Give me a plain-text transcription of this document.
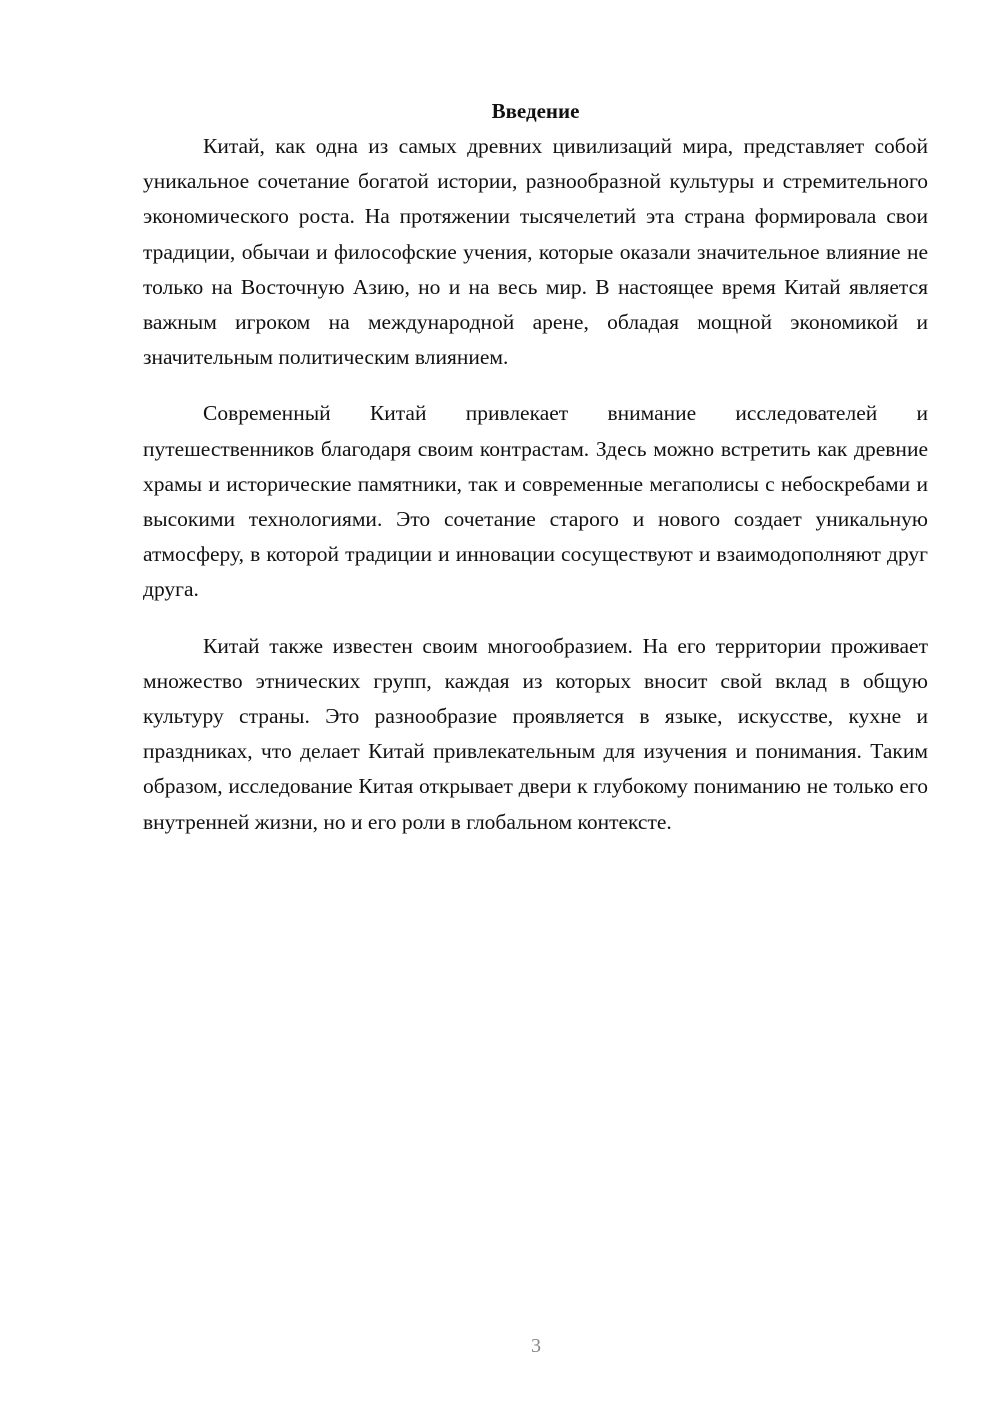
Введение

Китай, как одна из самых древних цивилизаций мира, представляет собой уникальное сочетание богатой истории, разнообразной культуры и стремительного экономического роста. На протяжении тысячелетий эта страна формировала свои традиции, обычаи и философские учения, которые оказали значительное влияние не только на Восточную Азию, но и на весь мир. В настоящее время Китай является важным игроком на международной арене, обладая мощной экономикой и значительным политическим влиянием.

Современный Китай привлекает внимание исследователей и путешественников благодаря своим контрастам. Здесь можно встретить как древние храмы и исторические памятники, так и современные мегаполисы с небоскребами и высокими технологиями. Это сочетание старого и нового создает уникальную атмосферу, в которой традиции и инновации сосуществуют и взаимодополняют друг друга.

Китай также известен своим многообразием. На его территории проживает множество этнических групп, каждая из которых вносит свой вклад в общую культуру страны. Это разнообразие проявляется в языке, искусстве, кухне и праздниках, что делает Китай привлекательным для изучения и понимания. Таким образом, исследование Китая открывает двери к глубокому пониманию не только его внутренней жизни, но и его роли в глобальном контексте.

3
